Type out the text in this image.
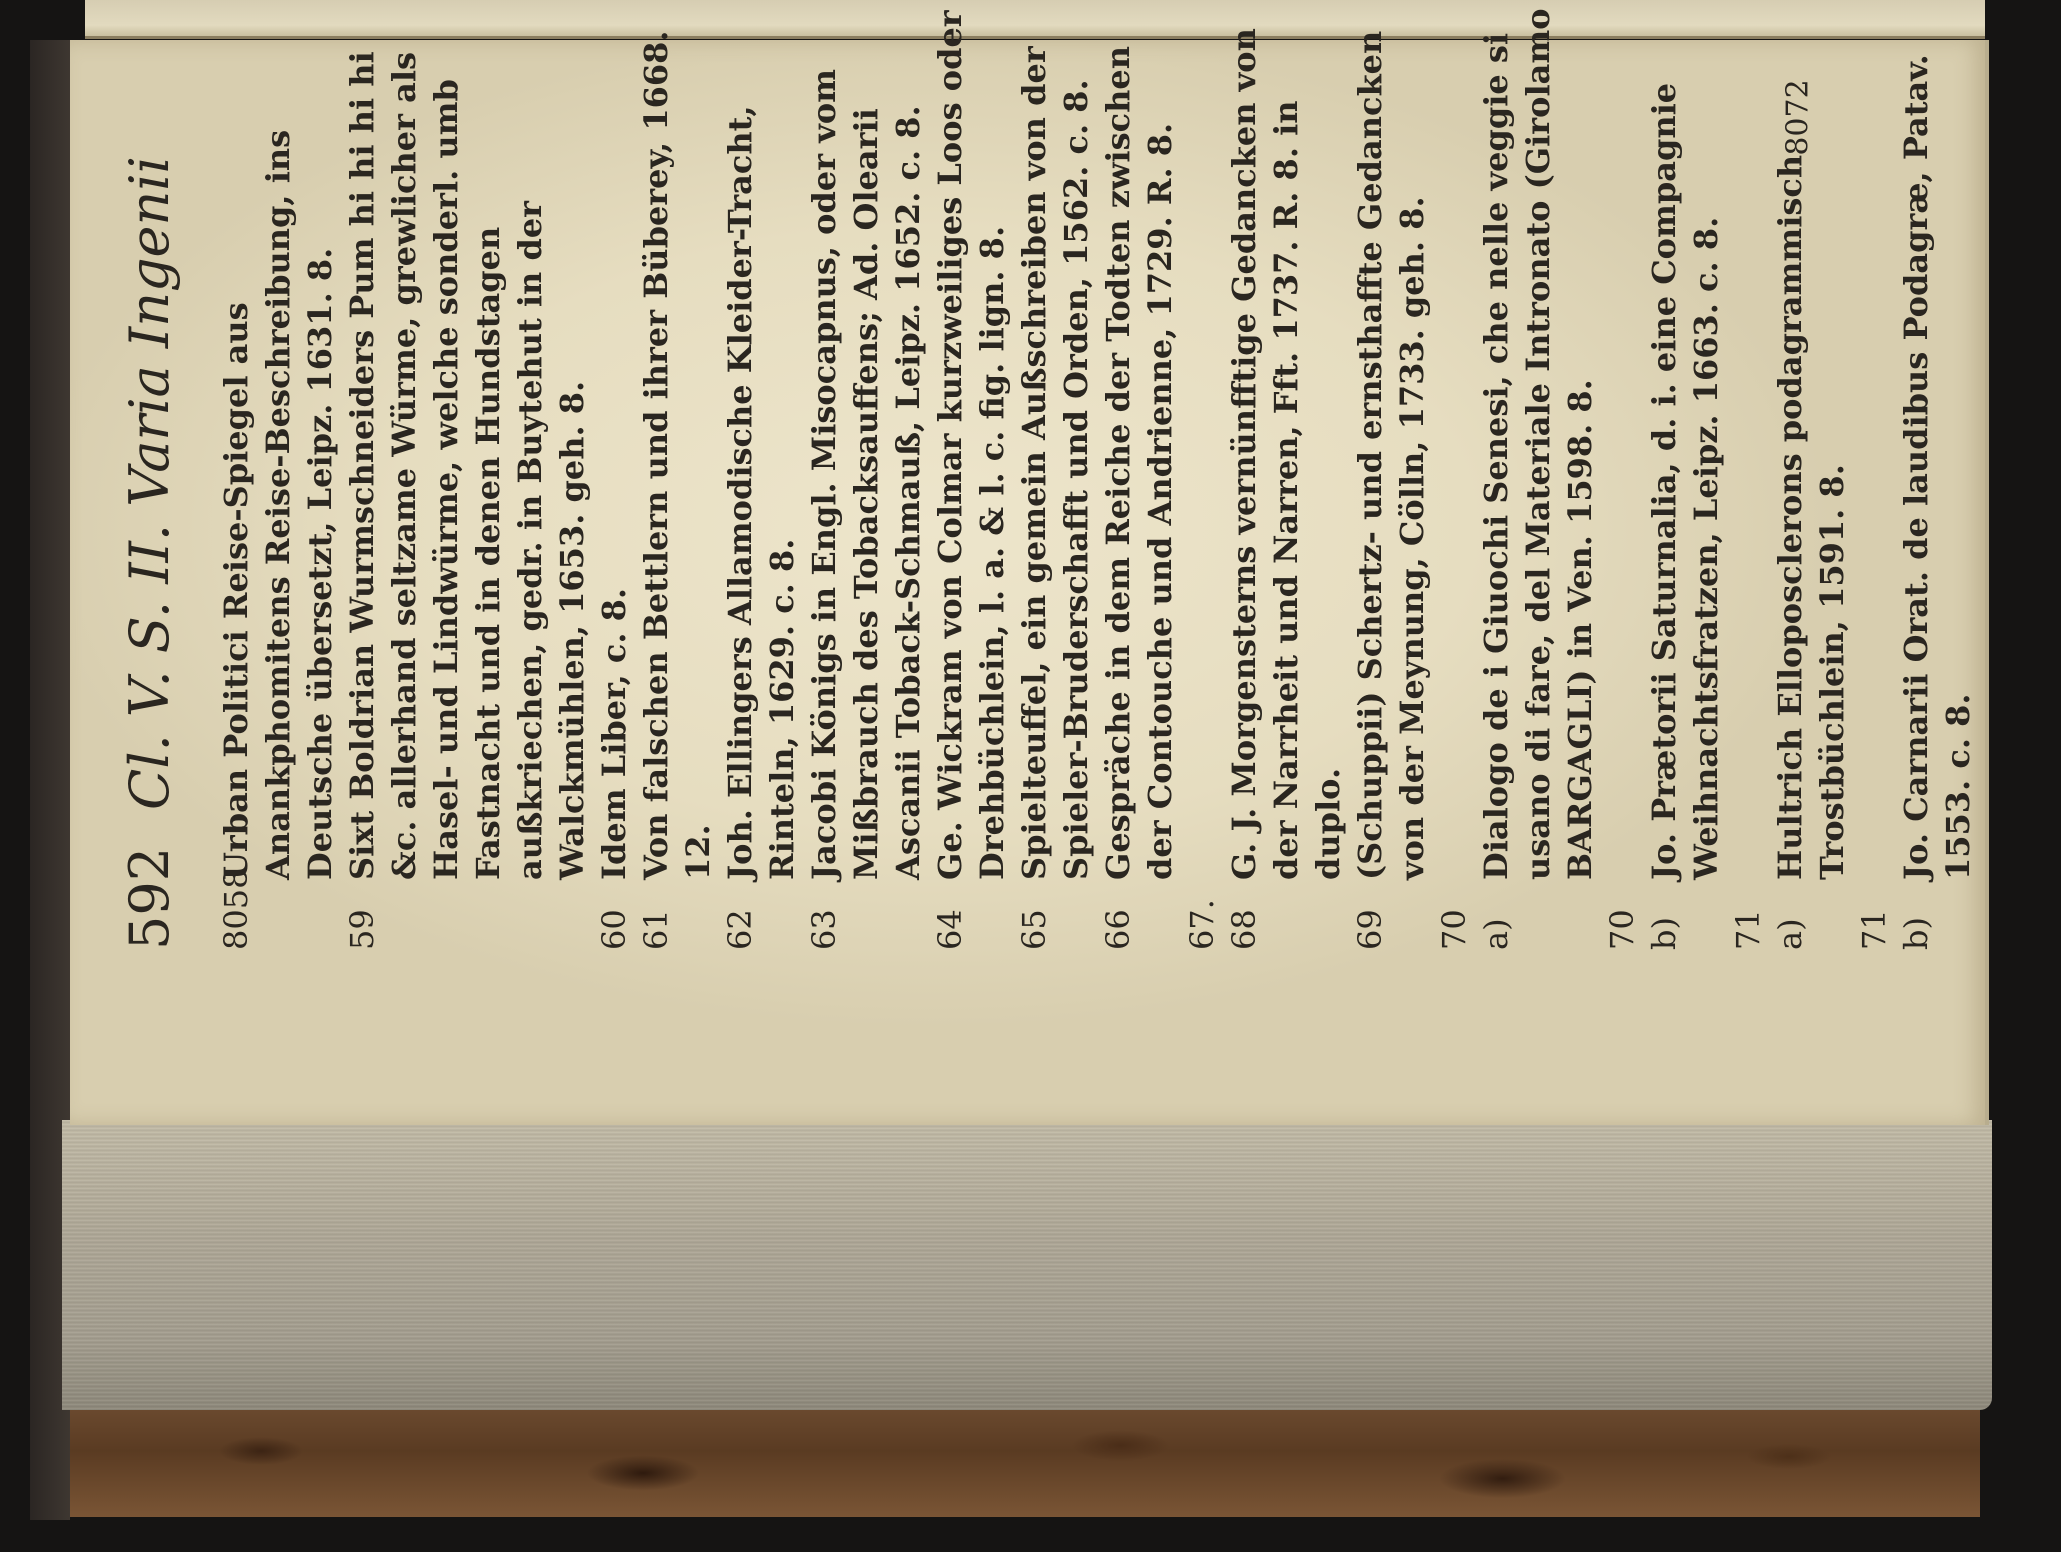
592
Cl. V. S. II. Varia Ingenii

8058Urban Politici Reise-Spiegel aus Anankphomitens Reise-Beschreibung, ins Deutsche übersetzt, Leipz. 1631. 8.

59Sixt Boldrian Wurmschneiders Pum hi hi hi hi &c. allerhand seltzame Würme, grewlicher als Hasel- und Lindwürme, welche sonderl. umb Fastnacht und in denen Hundstagen außkriechen, gedr. in Buytehut in der Walckmühlen, 1653. geh. 8.

60Idem Liber, c. 8.

61Von falschen Bettlern und ihrer Büberey, 1668. 12.

62Joh. Ellingers Allamodische Kleider-Tracht, Rinteln, 1629. c. 8.

63Jacobi Königs in Engl. Misocapnus, oder vom Mißbrauch des Tobacksauffens; Ad. Olearii Ascanii Toback-Schmauß, Leipz. 1652. c. 8.

64Ge. Wickram von Colmar kurzweiliges Loos oder Drehbüchlein, l. a. & l. c. fig. lign. 8.

65Spielteuffel, ein gemein Außschreiben von der Spieler-Bruderschafft und Orden, 1562. c. 8.

66Gespräche in dem Reiche der Todten zwischen der Contouche und Andrienne, 1729. R. 8.

67. 68G. J. Morgensterns vernünfftige Gedancken von der Narrheit und Narren, Fft. 1737. R. 8. in duplo.

69(Schuppii) Schertz- und ernsthaffte Gedancken von der Meynung, Cölln, 1733. geh. 8.

70 a)Dialogo de i Giuochi Senesi, che nelle veggie si usano di fare, del Materiale Intronato (Girolamo BARGAGLI) in Ven. 1598. 8.

70 b)Jo. Prætorii Saturnalia, d. i. eine Compagnie Weihnachtsfratzen, Leipz. 1663. c. 8.

71 a)Hultrich Elloposclerons podagrammisch Trostbüchlein, 1591. 8.

71 b)Jo. Carnarii Orat. de laudibus Podagræ, Patav. 1553. c. 8.

8072
